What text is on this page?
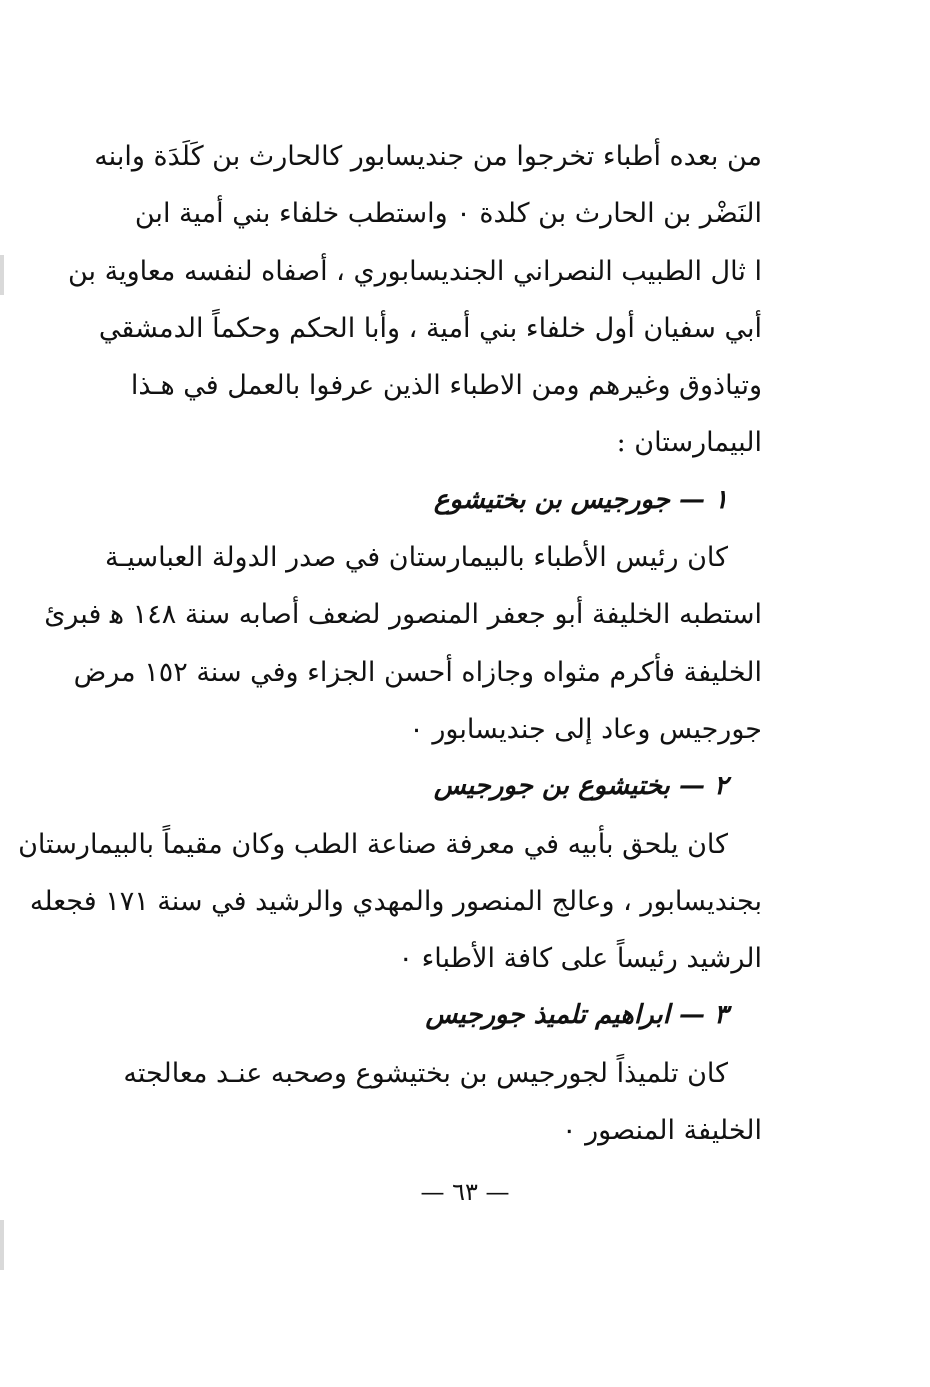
من بعده أطباء تخرجوا من جنديسابور كالحارث بن كَلَدَة وابنه
النَضْر بن الحارث بن كلدة ٠ واستطب خلفاء بني أمية ابن
ا ثال الطبيب النصراني الجنديسابوري ، أصفاه لنفسه معاوية بن
أبي سفيان أول خلفاء بني أمية ، وأبا الحكم وحكماً الدمشقي
وتياذوق وغيرهم ومن الاطباء الذين عرفوا بالعمل في هـذا
البيمارستان :
١ — جورجيس بن بختيشوع
كان رئيس الأطباء بالبيمارستان في صدر الدولة العباسيـة
استطبه الخليفة أبو جعفر المنصور لضعف أصابه سنة ١٤٨ ﻫ فبرئ
الخليفة فأكرم مثواه وجازاه أحسن الجزاء وفي سنة ١٥٢ مرض
جورجيس وعاد إلى جنديسابور ٠
٢ — بختيشوع بن جورجيس
كان يلحق بأبيه في معرفة صناعة الطب وكان مقيماً بالبيمارستان
بجنديسابور ، وعالج المنصور والمهدي والرشيد في سنة ١٧١ فجعله
الرشيد رئيساً على كافة الأطباء ٠
٣ — ابراهيم تلميذ جورجيس
كان تلميذاً لجورجيس بن بختيشوع وصحبه عنـد معالجته
الخليفة المنصور ٠
— ٦٣ —
